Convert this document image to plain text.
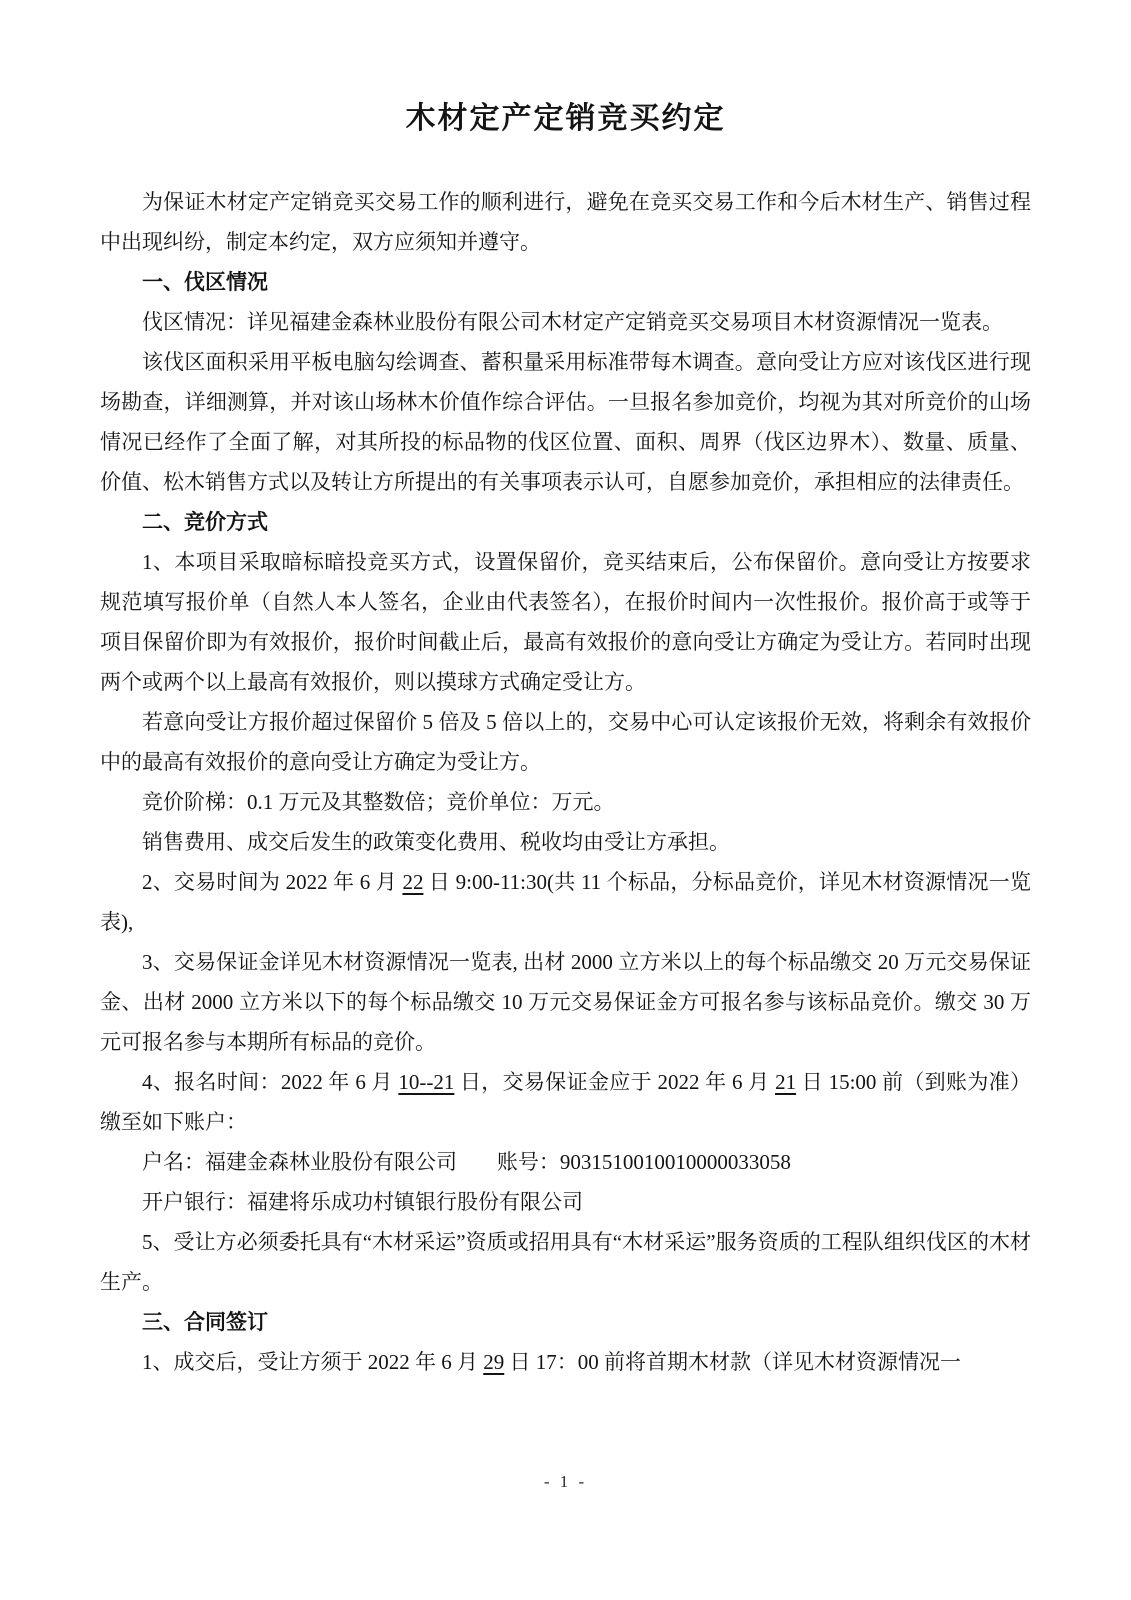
木材定产定销竞买约定

为保证木材定产定销竞买交易工作的顺利进行，避免在竞买交易工作和今后木材生产、销售过程中出现纠纷，制定本约定，双方应须知并遵守。

一、伐区情况

伐区情况：详见福建金森林业股份有限公司木材定产定销竞买交易项目木材资源情况一览表。

该伐区面积采用平板电脑勾绘调查、蓄积量采用标准带每木调查。意向受让方应对该伐区进行现场勘查，详细测算，并对该山场林木价值作综合评估。一旦报名参加竞价，均视为其对所竞价的山场情况已经作了全面了解，对其所投的标品物的伐区位置、面积、周界（伐区边界木）、数量、质量、价值、松木销售方式以及转让方所提出的有关事项表示认可，自愿参加竞价，承担相应的法律责任。

二、竞价方式

1、本项目采取暗标暗投竞买方式，设置保留价，竞买结束后，公布保留价。意向受让方按要求规范填写报价单（自然人本人签名，企业由代表签名），在报价时间内一次性报价。报价高于或等于项目保留价即为有效报价，报价时间截止后，最高有效报价的意向受让方确定为受让方。若同时出现两个或两个以上最高有效报价，则以摸球方式确定受让方。

若意向受让方报价超过保留价 5 倍及 5 倍以上的，交易中心可认定该报价无效，将剩余有效报价中的最高有效报价的意向受让方确定为受让方。

竞价阶梯：0.1 万元及其整数倍；竞价单位：万元。

销售费用、成交后发生的政策变化费用、税收均由受让方承担。

2、交易时间为 2022 年 6 月 22 日 9:00-11:30(共 11 个标品，分标品竞价，详见木材资源情况一览表),

3、交易保证金详见木材资源情况一览表, 出材 2000 立方米以上的每个标品缴交 20 万元交易保证金、出材 2000 立方米以下的每个标品缴交 10 万元交易保证金方可报名参与该标品竞价。缴交 30 万元可报名参与本期所有标品的竞价。

4、报名时间：2022 年 6 月 10--21 日，交易保证金应于 2022 年 6 月 21 日 15:00 前（到账为准）缴至如下账户：

户名：福建金森林业股份有限公司 账号：9031510010010000033058

开户银行：福建将乐成功村镇银行股份有限公司

5、受让方必须委托具有“木材采运”资质或招用具有“木材采运”服务资质的工程队组织伐区的木材生产。

三、合同签订

1、成交后，受让方须于 2022 年 6 月 29 日 17：00 前将首期木材款（详见木材资源情况一

- 1 -
